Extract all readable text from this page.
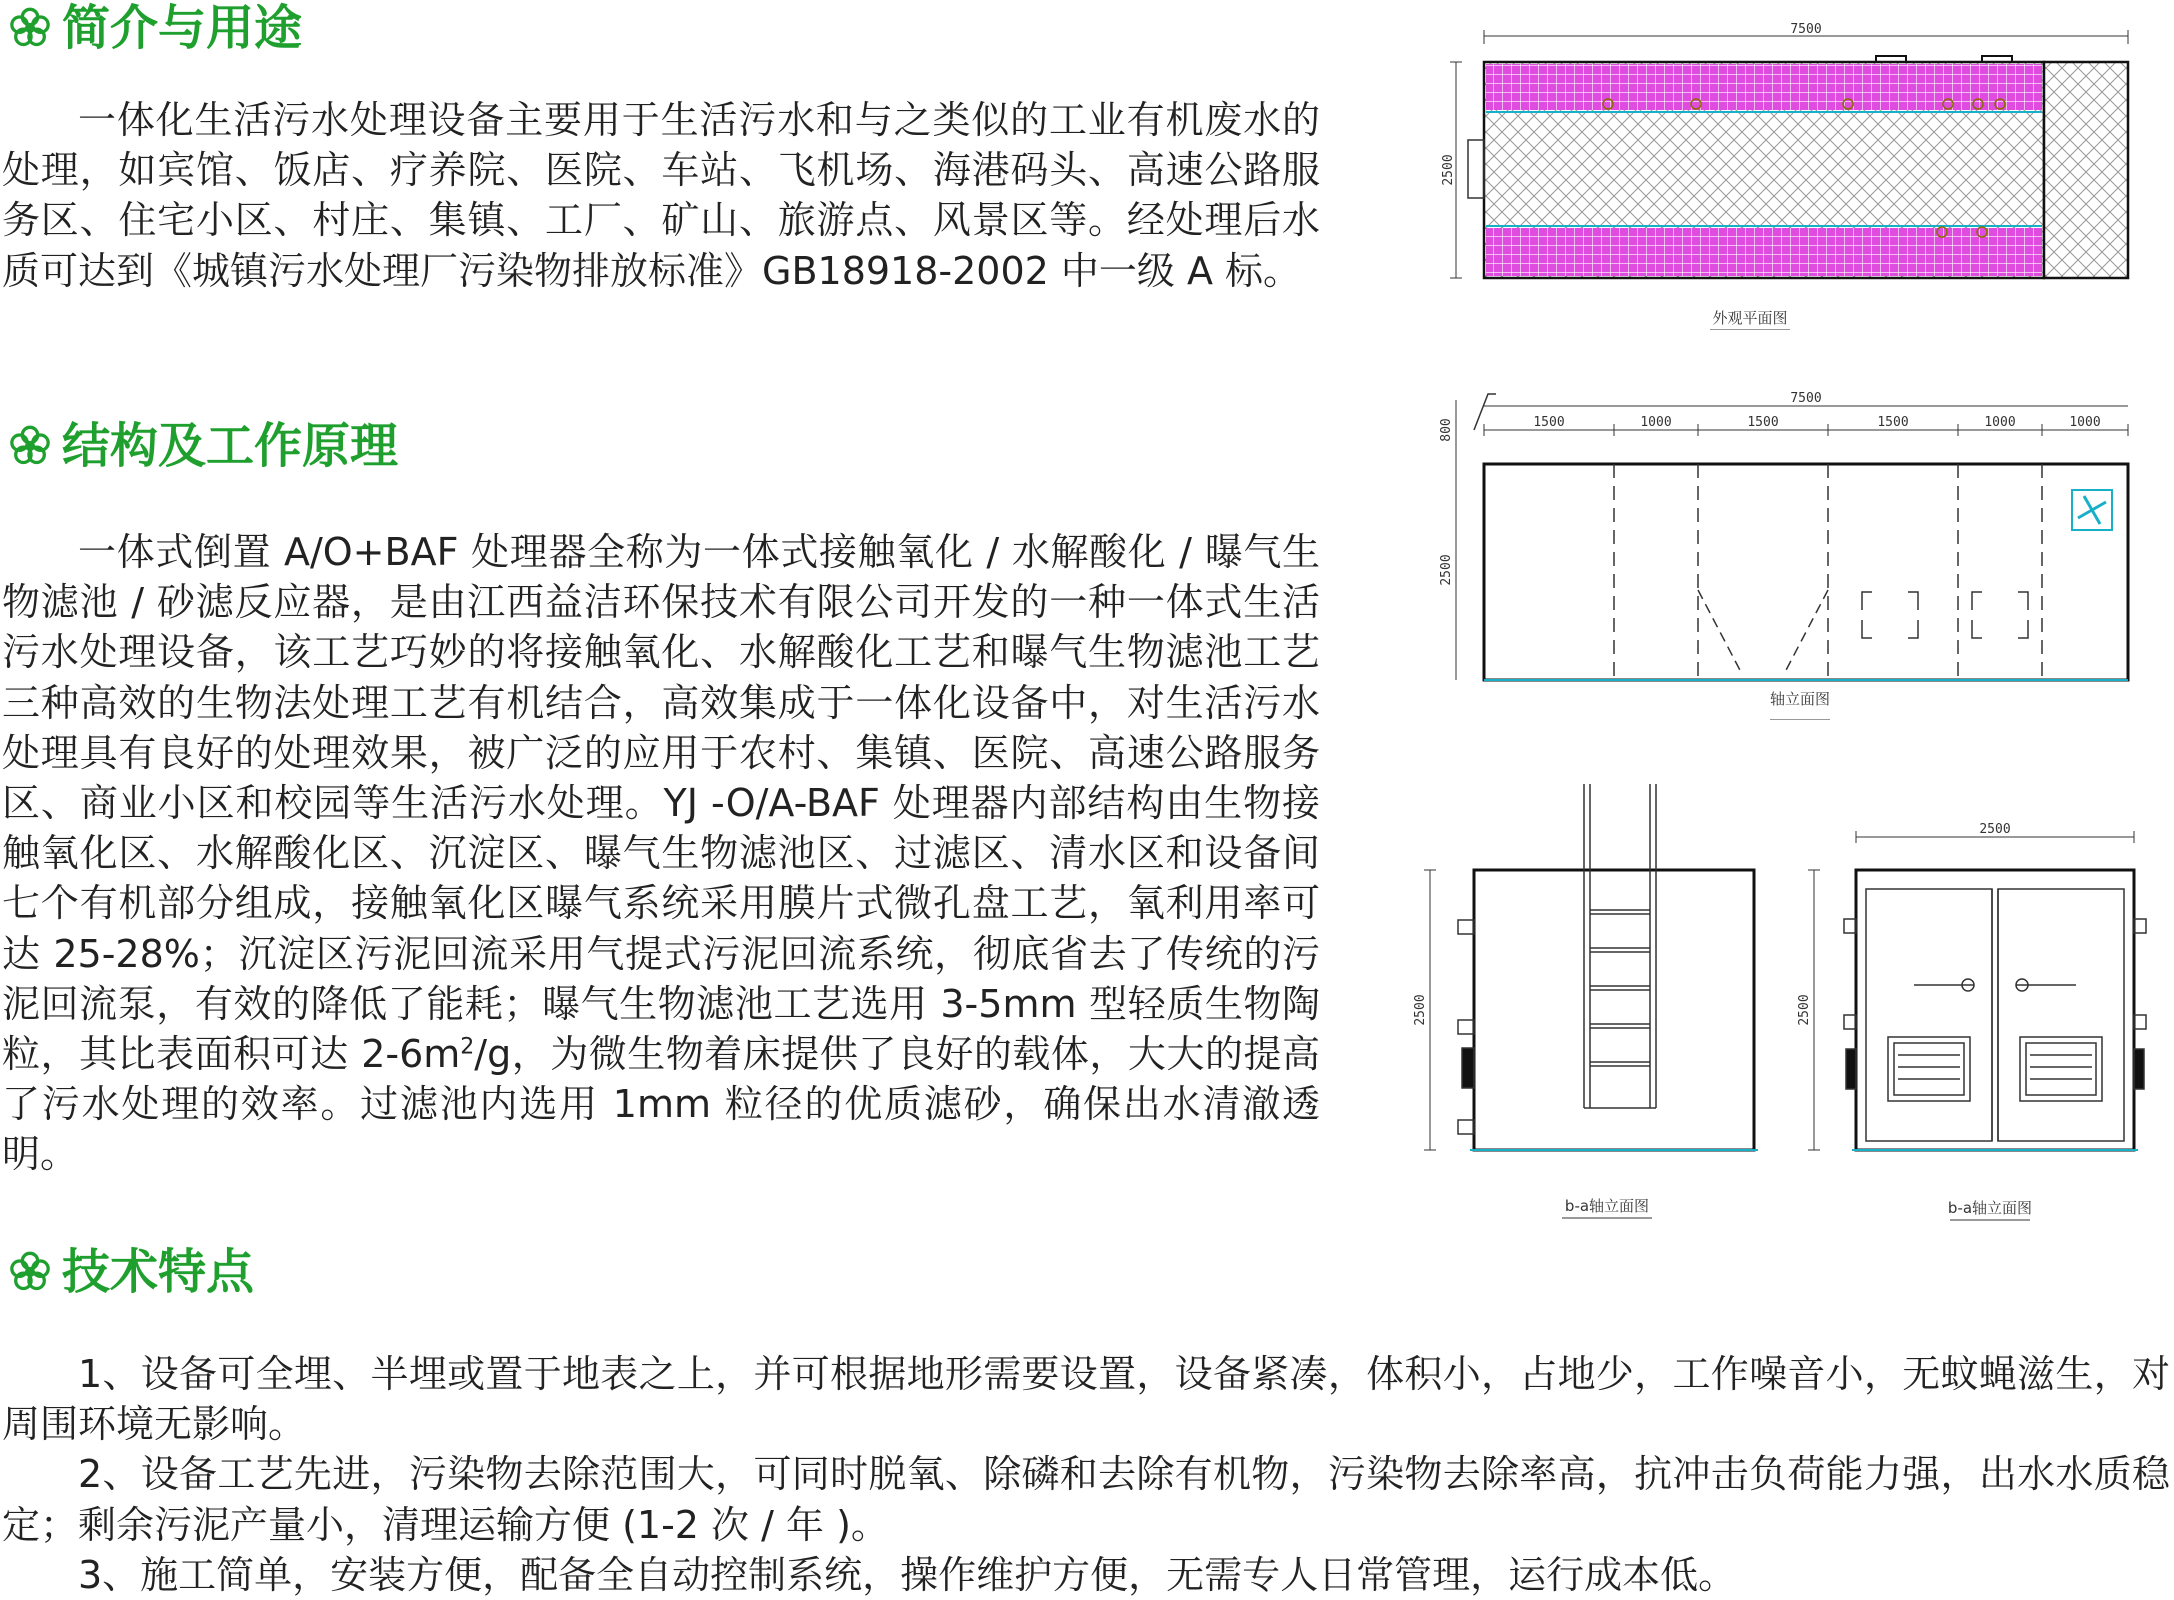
简介与用途

一体化生活污水处理设备主要用于生活污水和与之类似的工业有机废水的处理，如宾馆、饭店、疗养院、医院、车站、飞机场、海港码头、高速公路服务区、住宅小区、村庄、集镇、工厂、矿山、旅游点、风景区等。经处理后水质可达到《城镇污水处理厂污染物排放标准》GB18918-2002 中一级 A 标。

结构及工作原理

一体式倒置 A/O+BAF 处理器全称为一体式接触氧化 / 水解酸化 / 曝气生物滤池 / 砂滤反应器，是由江西益洁环保技术有限公司开发的一种一体式生活污水处理设备，该工艺巧妙的将接触氧化、水解酸化工艺和曝气生物滤池工艺三种高效的生物法处理工艺有机结合，高效集成于一体化设备中，对生活污水处理具有良好的处理效果，被广泛的应用于农村、集镇、医院、高速公路服务区、商业小区和校园等生活污水处理。YJ -O/A-BAF 处理器内部结构由生物接触氧化区、水解酸化区、沉淀区、曝气生物滤池区、过滤区、清水区和设备间七个有机部分组成，接触氧化区曝气系统采用膜片式微孔盘工艺，氧利用率可达 25-28%；沉淀区污泥回流采用气提式污泥回流系统，彻底省去了传统的污泥回流泵，有效的降低了能耗；曝气生物滤池工艺选用 3-5mm 型轻质生物陶粒，其比表面积可达 $2-6m^2/g$，为微生物着床提供了良好的载体，大大的提高了污水处理的效率。过滤池内选用 1mm 粒径的优质滤砂，确保出水清澈透明。

技术特点

1、设备可全埋、半埋或置于地表之上，并可根据地形需要设置，设备紧凑，体积小，占地少，工作噪音小，无蚊蝇滋生，对周围环境无影响。

2、设备工艺先进，污染物去除范围大，可同时脱氧、除磷和去除有机物，污染物去除率高，抗冲击负荷能力强，出水水质稳定；剩余污泥产量小，清理运输方便 (1-2 次 / 年 )。

3、施工简单，安装方便，配备全自动控制系统，操作维护方便，无需专人日常管理，运行成本低。

7500
2500
外观平面图
7500
1500	1000	1500	1500	1000	1000
800
2500
轴立面图
2500
b-a轴立面图
2500
2500
b-a轴立面图
